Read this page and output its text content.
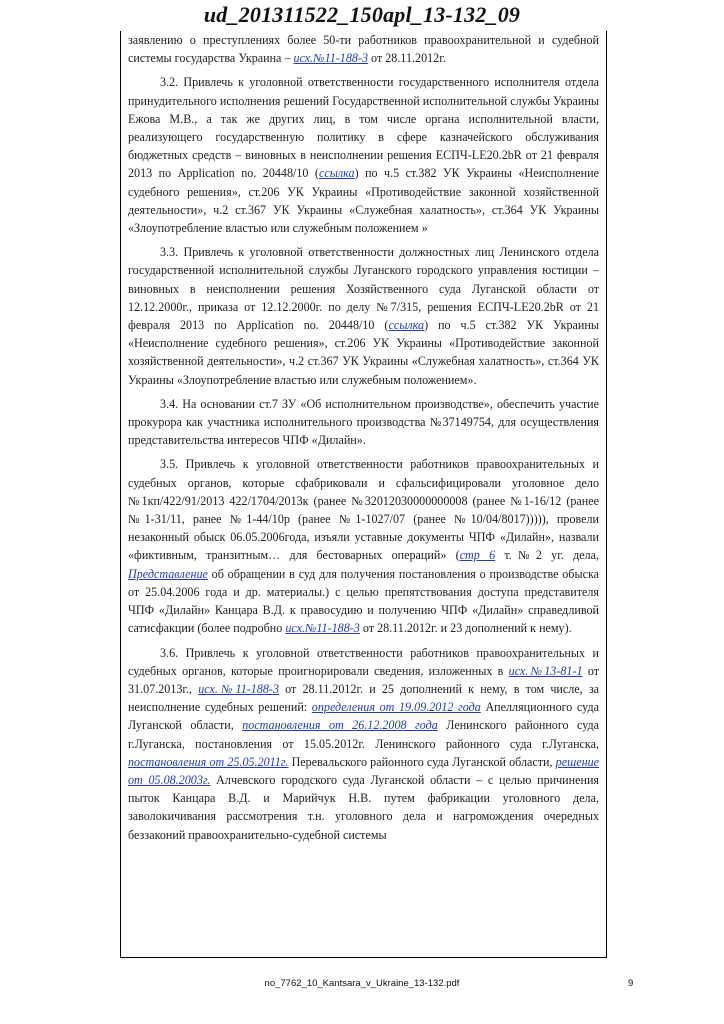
ud_201311522_150apl_13-132_09

заявлению о преступлениях более 50-ти работников правоохранительной и судебной системы государства Украина – исх.№11-188-3 от 28.11.2012г.

3.2. Привлечь к уголовной ответственности государственного исполнителя отдела принудительного исполнения решений Государственной исполнительной службы Украины Ежова М.В., а так же других лиц, в том числе органа исполнительной власти, реализующего государственную политику в сфере казначейского обслуживания бюджетных средств – виновных в неисполнении решения ЕСПЧ-LE20.2bR от 21 февраля 2013 по Application no. 20448/10 (ссылка) по ч.5 ст.382 УК Украины «Неисполнение судебного решения», ст.206 УК Украины «Противодействие законной хозяйственной деятельности», ч.2 ст.367 УК Украины «Служебная халатность», ст.364 УК Украины «Злоупотребление властью или служебным положением »

3.3. Привлечь к уголовной ответственности должностных лиц Ленинского отдела государственной исполнительной службы Луганского городского управления юстиции – виновных в неисполнении решения Хозяйственного суда Луганской области от 12.12.2000г., приказа от 12.12.2000г. по делу №7/315, решения ЕСПЧ-LE20.2bR от 21 февраля 2013 по Application no. 20448/10 (ссылка) по ч.5 ст.382 УК Украины «Неисполнение судебного решения», ст.206 УК Украины «Противодействие законной хозяйственной деятельности», ч.2 ст.367 УК Украины «Служебная халатность», ст.364 УК Украины «Злоупотребление властью или служебным положением».

3.4. На основании ст.7 ЗУ «Об исполнительном производстве», обеспечить участие прокурора как участника исполнительного производства №37149754, для осуществления представительства интересов ЧПФ «Дилайн».

3.5. Привлечь к уголовной ответственности работников правоохранительных и судебных органов, которые сфабриковали и сфальсифицировали уголовное дело №1кп/422/91/2013 422/1704/2013к (ранее №32012030000000008 (ранее №1-16/12 (ранее №1-31/11, ранее №1-44/10р (ранее №1-1027/07 (ранее №10/04/8017))))), провели незаконный обыск 06.05.2006года, изъяли уставные документы ЧПФ «Дилайн», назвали «фиктивным, транзитным… для бестоварных операций» (стр 6 т.№2 уг. дела, Представление об обращении в суд для получения постановления о производстве обыска от 25.04.2006 года и др. материалы.) с целью препятствования доступа представителя ЧПФ «Дилайн» Канцара В.Д. к правосудию и получению ЧПФ «Дилайн» справедливой сатисфакции (более подробно исх.№11-188-3 от 28.11.2012г. и 23 дополнений к нему).

3.6. Привлечь к уголовной ответственности работников правоохранительных и судебных органов, которые проигнорировали сведения, изложенных в исх.№13-81-1 от 31.07.2013г., исх.№11-188-3 от 28.11.2012г. и 25 дополнений к нему, в том числе, за неисполнение судебных решений: определения от 19.09.2012 года Апелляционного суда Луганской области, постановления от 26.12.2008 года Ленинского районного суда г.Луганска, постановления от 15.05.2012г. Ленинского районного суда г.Луганска, постановления от 25.05.2011г. Перевальского районного суда Луганской области, решение от 05.08.2003г. Алчевского городского суда Луганской области – с целью причинения пыток Канцара В.Д. и Марийчук Н.В. путем фабрикации уголовного дела, заволокичивания рассмотрения т.н. уголовного дела и нагромождения очередных беззаконий правоохранительно-судебной системы

no_7762_10_Kantsara_v_Ukraine_13-132.pdf	9
